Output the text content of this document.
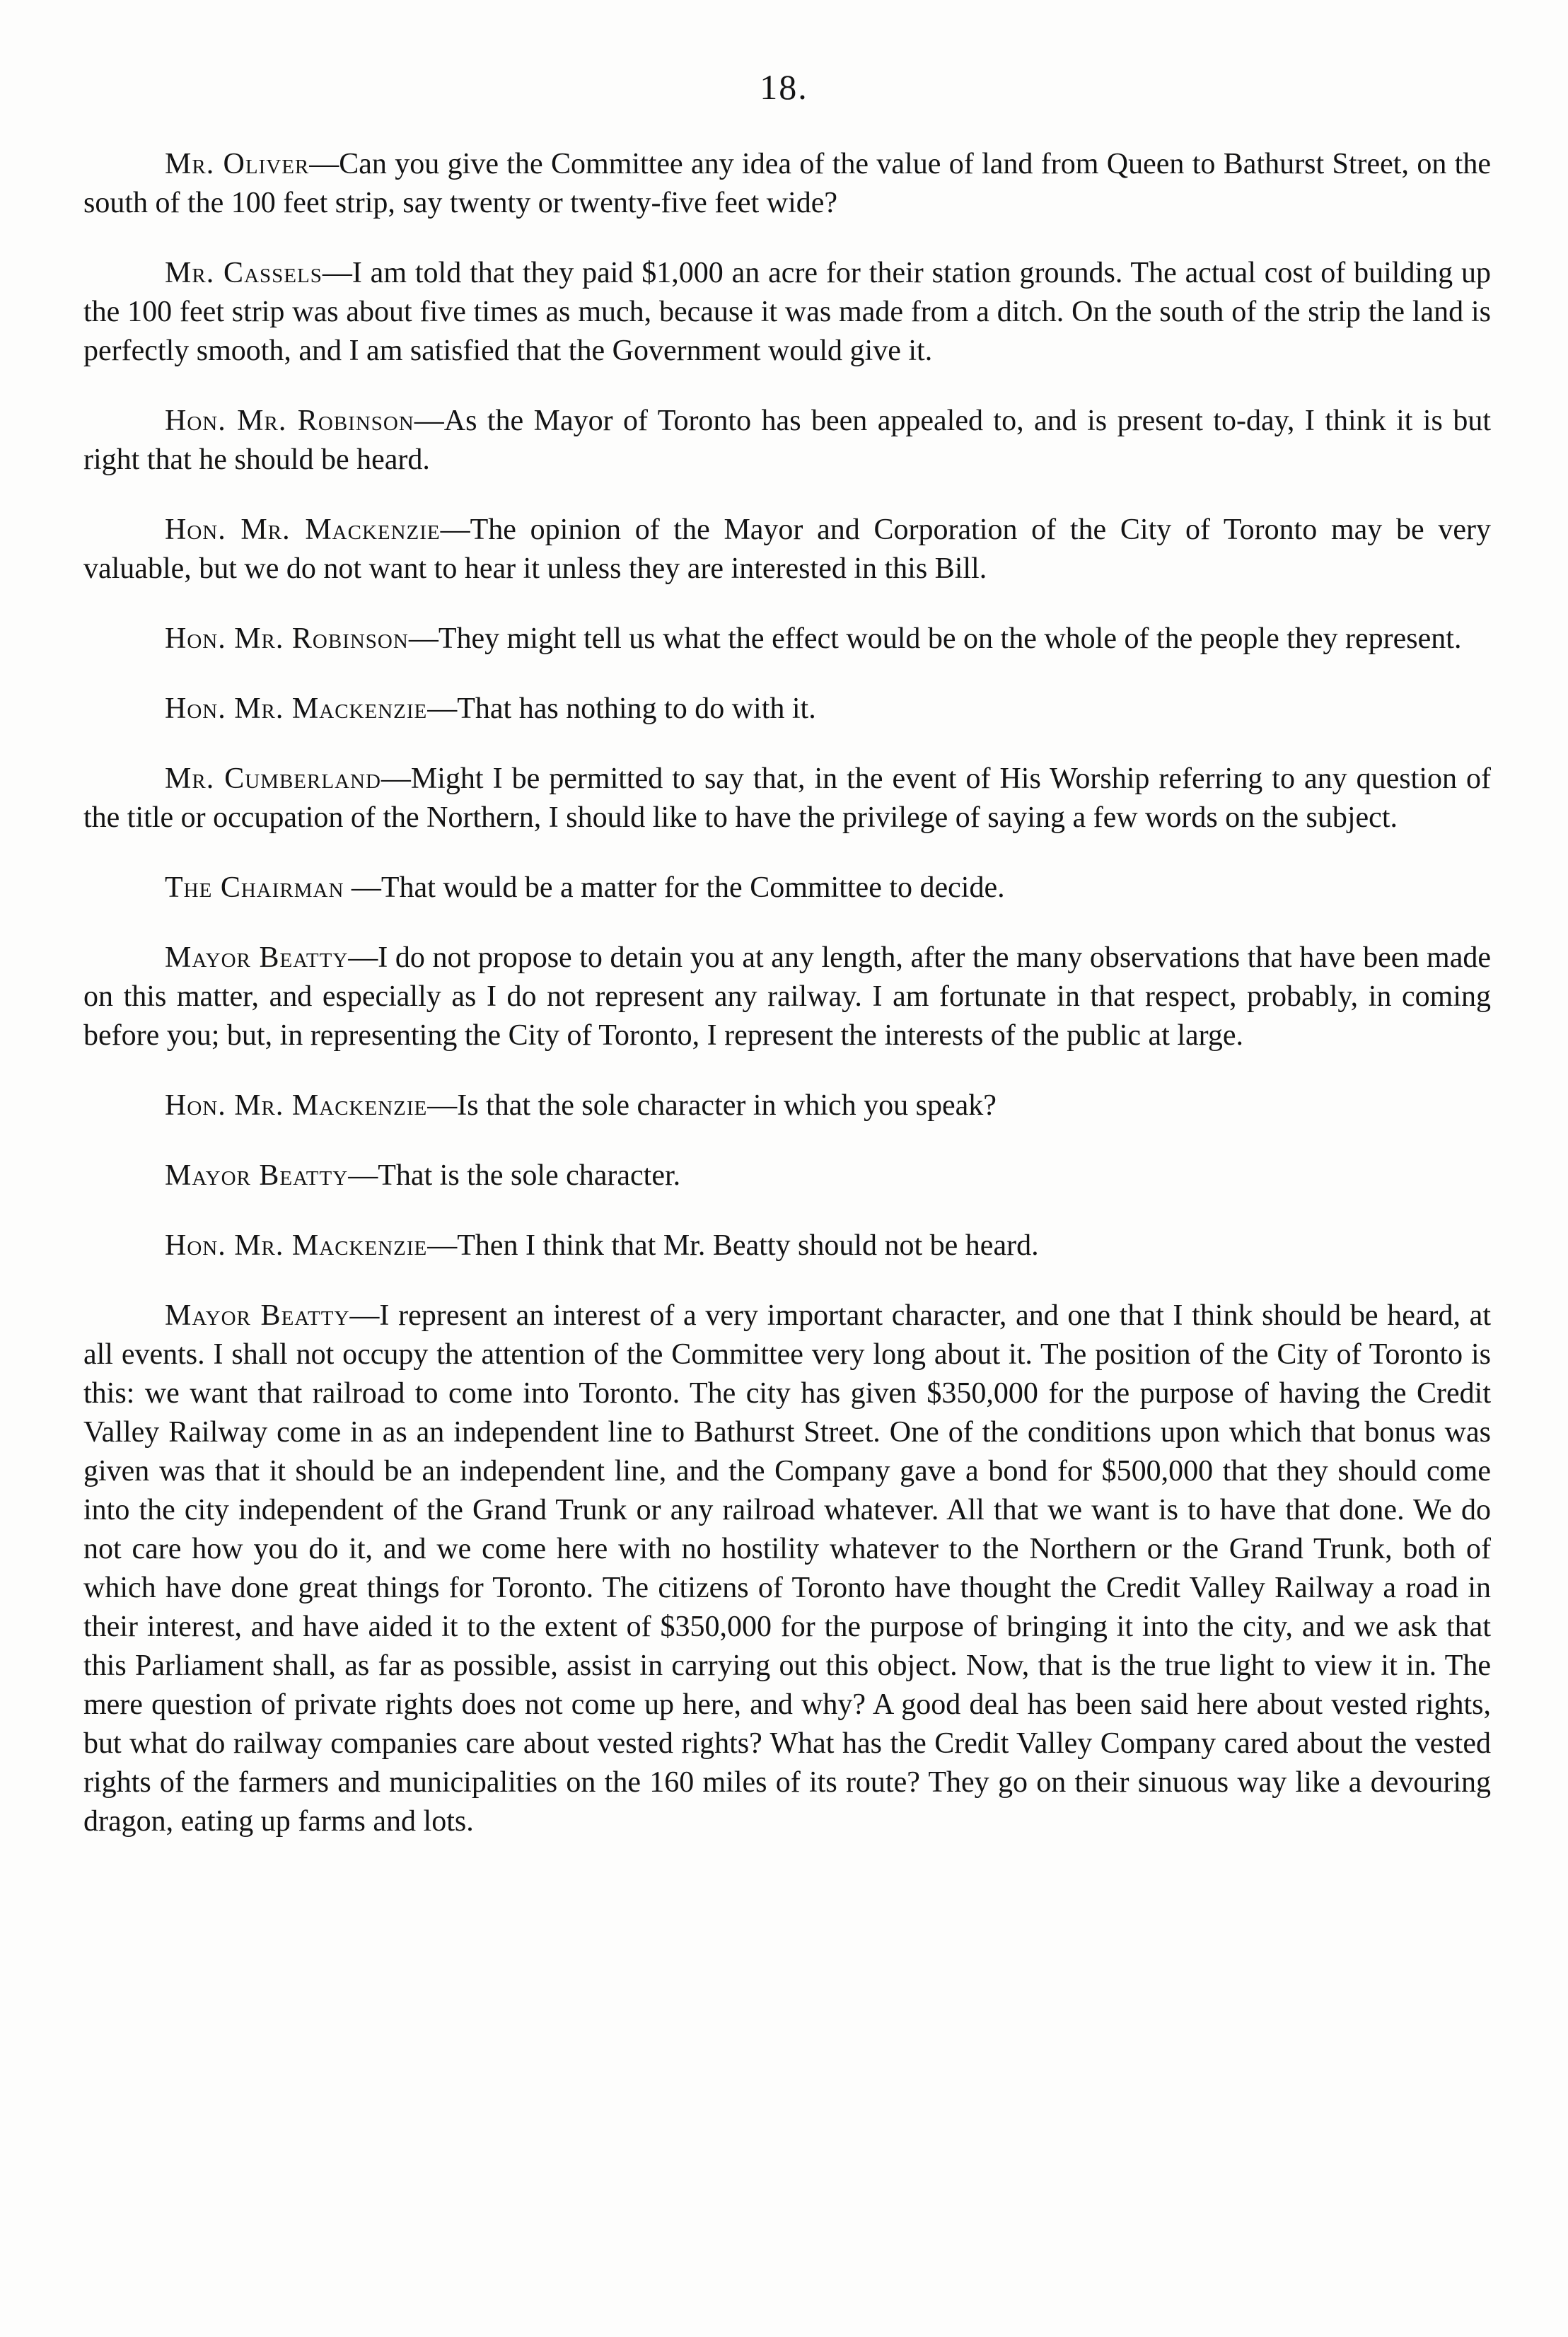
18.

Mr. Oliver—Can you give the Committee any idea of the value of land from Queen to Bathurst Street, on the south of the 100 feet strip, say twenty or twenty-five feet wide?

Mr. Cassels—I am told that they paid $1,000 an acre for their station grounds. The actual cost of building up the 100 feet strip was about five times as much, because it was made from a ditch. On the south of the strip the land is perfectly smooth, and I am satisfied that the Government would give it.

Hon. Mr. Robinson—As the Mayor of Toronto has been appealed to, and is present to-day, I think it is but right that he should be heard.

Hon. Mr. Mackenzie—The opinion of the Mayor and Corporation of the City of Toronto may be very valuable, but we do not want to hear it unless they are interested in this Bill.

Hon. Mr. Robinson—They might tell us what the effect would be on the whole of the people they represent.

Hon. Mr. Mackenzie—That has nothing to do with it.

Mr. Cumberland—Might I be permitted to say that, in the event of His Worship referring to any question of the title or occupation of the Northern, I should like to have the privilege of saying a few words on the subject.

The Chairman —That would be a matter for the Committee to decide.

Mayor Beatty—I do not propose to detain you at any length, after the many observations that have been made on this matter, and especially as I do not represent any railway. I am fortunate in that respect, probably, in coming before you; but, in representing the City of Toronto, I represent the interests of the public at large.

Hon. Mr. Mackenzie—Is that the sole character in which you speak?

Mayor Beatty—That is the sole character.

Hon. Mr. Mackenzie—Then I think that Mr. Beatty should not be heard.

Mayor Beatty—I represent an interest of a very important character, and one that I think should be heard, at all events. I shall not occupy the attention of the Committee very long about it. The position of the City of Toronto is this: we want that railroad to come into Toronto. The city has given $350,000 for the purpose of having the Credit Valley Railway come in as an independent line to Bathurst Street. One of the conditions upon which that bonus was given was that it should be an independent line, and the Company gave a bond for $500,000 that they should come into the city independent of the Grand Trunk or any railroad whatever. All that we want is to have that done. We do not care how you do it, and we come here with no hostility whatever to the Northern or the Grand Trunk, both of which have done great things for Toronto. The citizens of Toronto have thought the Credit Valley Railway a road in their interest, and have aided it to the extent of $350,000 for the purpose of bringing it into the city, and we ask that this Parliament shall, as far as possible, assist in carrying out this object. Now, that is the true light to view it in. The mere question of private rights does not come up here, and why? A good deal has been said here about vested rights, but what do railway companies care about vested rights? What has the Credit Valley Company cared about the vested rights of the farmers and municipalities on the 160 miles of its route? They go on their sinuous way like a devouring dragon, eating up farms and lots.
